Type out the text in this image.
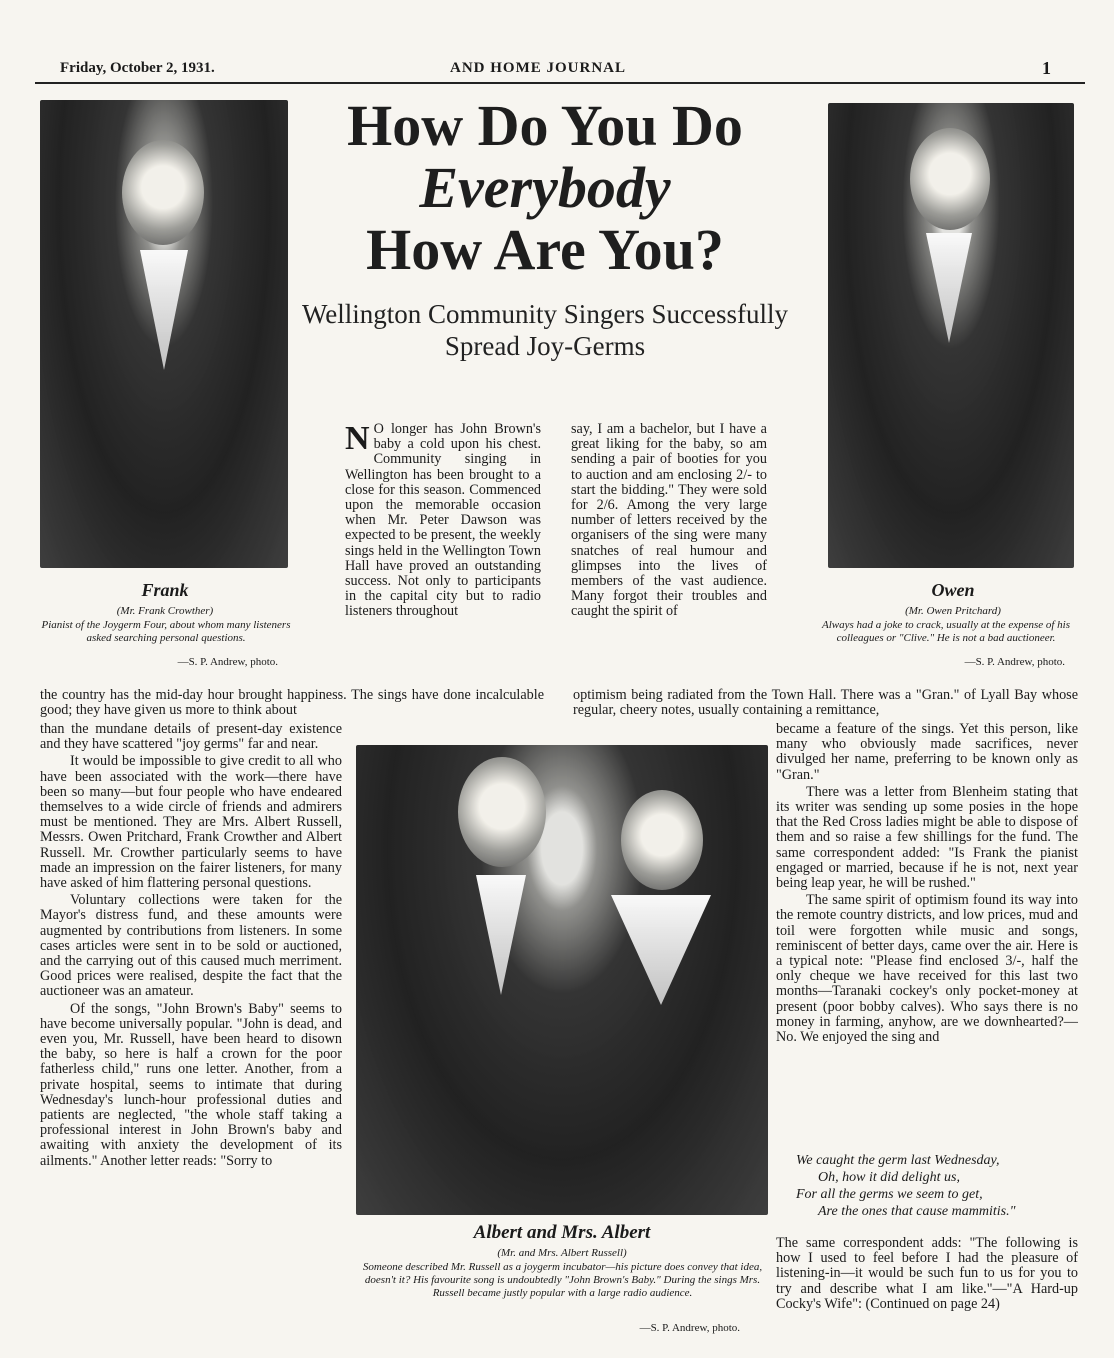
Friday, October 2, 1931.	AND HOME JOURNAL	1
How Do You Do
Everybody
How Are You?
Wellington Community Singers Successfully Spread Joy-Germs
Frank
(Mr. Frank Crowther)
Pianist of the Joygerm Four, about whom many listeners asked searching personal questions.
—S. P. Andrew, photo.
Owen
(Mr. Owen Pritchard)
Always had a joke to crack, usually at the expense of his colleagues or "Clive." He is not a bad auctioneer.
—S. P. Andrew, photo.
N O longer has John Brown's baby a cold upon his chest. Community singing in Wellington has been brought to a close for this season. Commenced upon the memorable occasion when Mr. Peter Dawson was expected to be present, the weekly sings held in the Wellington Town Hall have proved an outstanding success. Not only to participants in the capital city but to radio listeners throughout
say, I am a bachelor, but I have a great liking for the baby, so am sending a pair of booties for you to auction and am enclosing 2/- to start the bidding." They were sold for 2/6. Among the very large number of letters received by the organisers of the sing were many snatches of real humour and glimpses into the lives of members of the vast audience. Many forgot their troubles and caught the spirit of
the country has the mid-day hour brought happiness. The sings have done incalculable good; they have given us more to think about
optimism being radiated from the Town Hall. There was a "Gran." of Lyall Bay whose regular, cheery notes, usually containing a remittance,

than the mundane details of present-day existence and they have scattered "joy germs" far and near.

It would be impossible to give credit to all who have been associated with the work—there have been so many—but four people who have endeared themselves to a wide circle of friends and admirers must be mentioned. They are Mrs. Albert Russell, Messrs. Owen Pritchard, Frank Crowther and Albert Russell. Mr. Crowther particularly seems to have made an impression on the fairer listeners, for many have asked of him flattering personal questions.

Voluntary collections were taken for the Mayor's distress fund, and these amounts were augmented by contributions from listeners. In some cases articles were sent in to be sold or auctioned, and the carrying out of this caused much merriment. Good prices were realised, despite the fact that the auctioneer was an amateur.

Of the songs, "John Brown's Baby" seems to have become universally popular. "John is dead, and even you, Mr. Russell, have been heard to disown the baby, so here is half a crown for the poor fatherless child," runs one letter. Another, from a private hospital, seems to intimate that during Wednesday's lunch-hour professional duties and patients are neglected, "the whole staff taking a professional interest in John Brown's baby and awaiting with anxiety the development of its ailments." Another letter reads: "Sorry to

Albert and Mrs. Albert
(Mr. and Mrs. Albert Russell)
Someone described Mr. Russell as a joygerm incubator—his picture does convey that idea, doesn't it? His favourite song is undoubtedly "John Brown's Baby." During the sings Mrs. Russell became justly popular with a large radio audience.
—S. P. Andrew, photo.

became a feature of the sings. Yet this person, like many who obviously made sacrifices, never divulged her name, preferring to be known only as "Gran."

There was a letter from Blenheim stating that its writer was sending up some posies in the hope that the Red Cross ladies might be able to dispose of them and so raise a few shillings for the fund. The same correspondent added: "Is Frank the pianist engaged or married, because if he is not, next year being leap year, he will be rushed."

The same spirit of optimism found its way into the remote country districts, and low prices, mud and toil were forgotten while music and songs, reminiscent of better days, came over the air. Here is a typical note: "Please find enclosed 3/-, half the only cheque we have received for this last two months—Taranaki cockey's only pocket-money at present (poor bobby calves). Who says there is no money in farming, anyhow, are we downhearted?—No. We enjoyed the sing and

We caught the germ last Wednesday,
Oh, how it did delight us,
For all the germs we seem to get,
Are the ones that cause mammitis."
The same correspondent adds: "The following is how I used to feel before I had the pleasure of listening-in—it would be such fun to us for you to try and describe what I am like."—"A Hard-up Cocky's Wife": (Continued on page 24)
